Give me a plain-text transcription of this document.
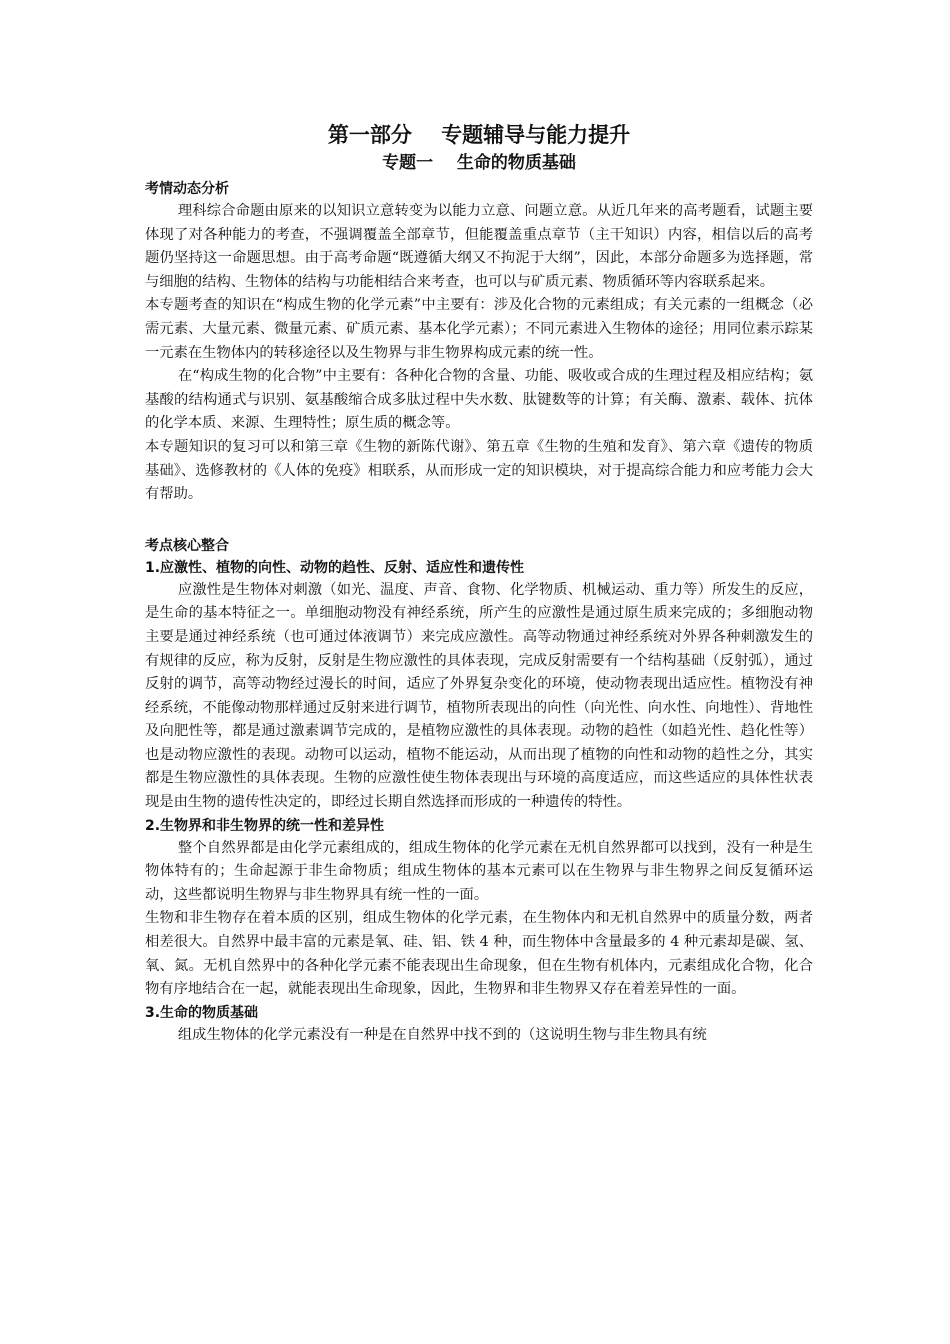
第一部分    专题辅导与能力提升
专题一    生命的物质基础
考情动态分析

理科综合命题由原来的以知识立意转变为以能力立意、问题立意。从近几年来的高考题看，试题主要体现了对各种能力的考查，不强调覆盖全部章节，但能覆盖重点章节（主干知识）内容，相信以后的高考题仍坚持这一命题思想。由于高考命题“既遵循大纲又不拘泥于大纲”，因此，本部分命题多为选择题，常与细胞的结构、生物体的结构与功能相结合来考查，也可以与矿质元素、物质循环等内容联系起来。

本专题考查的知识在“构成生物的化学元素”中主要有：涉及化合物的元素组成；有关元素的一组概念（必需元素、大量元素、微量元素、矿质元素、基本化学元素）；不同元素进入生物体的途径；用同位素示踪某一元素在生物体内的转移途径以及生物界与非生物界构成元素的统一性。

在“构成生物的化合物”中主要有：各种化合物的含量、功能、吸收或合成的生理过程及相应结构；氨基酸的结构通式与识别、氨基酸缩合成多肽过程中失水数、肽键数等的计算；有关酶、激素、载体、抗体的化学本质、来源、生理特性；原生质的概念等。

本专题知识的复习可以和第三章《生物的新陈代谢》、第五章《生物的生殖和发育》、第六章《遗传的物质基础》、选修教材的《人体的免疫》相联系，从而形成一定的知识模块，对于提高综合能力和应考能力会大有帮助。

考点核心整合
1.应激性、植物的向性、动物的趋性、反射、适应性和遗传性

应激性是生物体对刺激（如光、温度、声音、食物、化学物质、机械运动、重力等）所发生的反应，是生命的基本特征之一。单细胞动物没有神经系统，所产生的应激性是通过原生质来完成的；多细胞动物主要是通过神经系统（也可通过体液调节）来完成应激性。高等动物通过神经系统对外界各种刺激发生的有规律的反应，称为反射，反射是生物应激性的具体表现，完成反射需要有一个结构基础（反射弧），通过反射的调节，高等动物经过漫长的时间，适应了外界复杂变化的环境，使动物表现出适应性。植物没有神经系统，不能像动物那样通过反射来进行调节，植物所表现出的向性（向光性、向水性、向地性）、背地性及向肥性等，都是通过激素调节完成的，是植物应激性的具体表现。动物的趋性（如趋光性、趋化性等）也是动物应激性的表现。动物可以运动，植物不能运动，从而出现了植物的向性和动物的趋性之分，其实都是生物应激性的具体表现。生物的应激性使生物体表现出与环境的高度适应，而这些适应的具体性状表现是由生物的遗传性决定的，即经过长期自然选择而形成的一种遗传的特性。

2.生物界和非生物界的统一性和差异性

整个自然界都是由化学元素组成的，组成生物体的化学元素在无机自然界都可以找到，没有一种是生物体特有的；生命起源于非生命物质；组成生物体的基本元素可以在生物界与非生物界之间反复循环运动，这些都说明生物界与非生物界具有统一性的一面。

生物和非生物存在着本质的区别，组成生物体的化学元素，在生物体内和无机自然界中的质量分数，两者相差很大。自然界中最丰富的元素是氧、硅、铝、铁 4 种，而生物体中含量最多的 4 种元素却是碳、氢、氧、氮。无机自然界中的各种化学元素不能表现出生命现象，但在生物有机体内，元素组成化合物，化合物有序地结合在一起，就能表现出生命现象，因此，生物界和非生物界又存在着差异性的一面。

3.生命的物质基础

组成生物体的化学元素没有一种是在自然界中找不到的（这说明生物与非生物具有统
